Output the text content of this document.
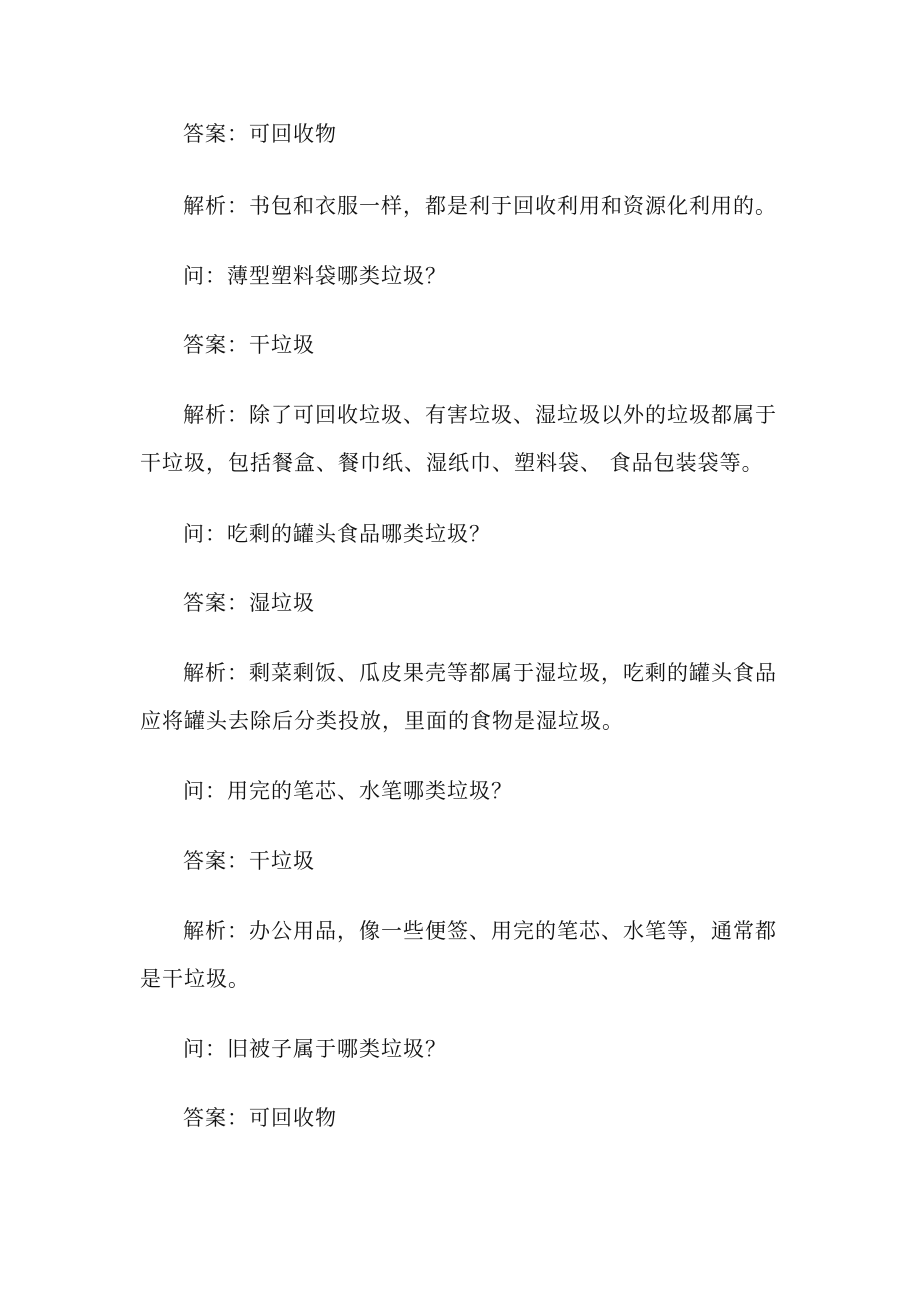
答案：可回收物
解析：书包和衣服一样，都是利于回收利用和资源化利用的。
问：薄型塑料袋哪类垃圾？
答案：干垃圾
解析：除了可回收垃圾、有害垃圾、湿垃圾以外的垃圾都属于
干垃圾，包括餐盒、餐巾纸、湿纸巾、塑料袋、 食品包装袋等。
问：吃剩的罐头食品哪类垃圾？
答案：湿垃圾
解析：剩菜剩饭、瓜皮果壳等都属于湿垃圾，吃剩的罐头食品
应将罐头去除后分类投放，里面的食物是湿垃圾。
问：用完的笔芯、水笔哪类垃圾？
答案：干垃圾
解析：办公用品，像一些便签、用完的笔芯、水笔等，通常都
是干垃圾。
问：旧被子属于哪类垃圾？
答案：可回收物
